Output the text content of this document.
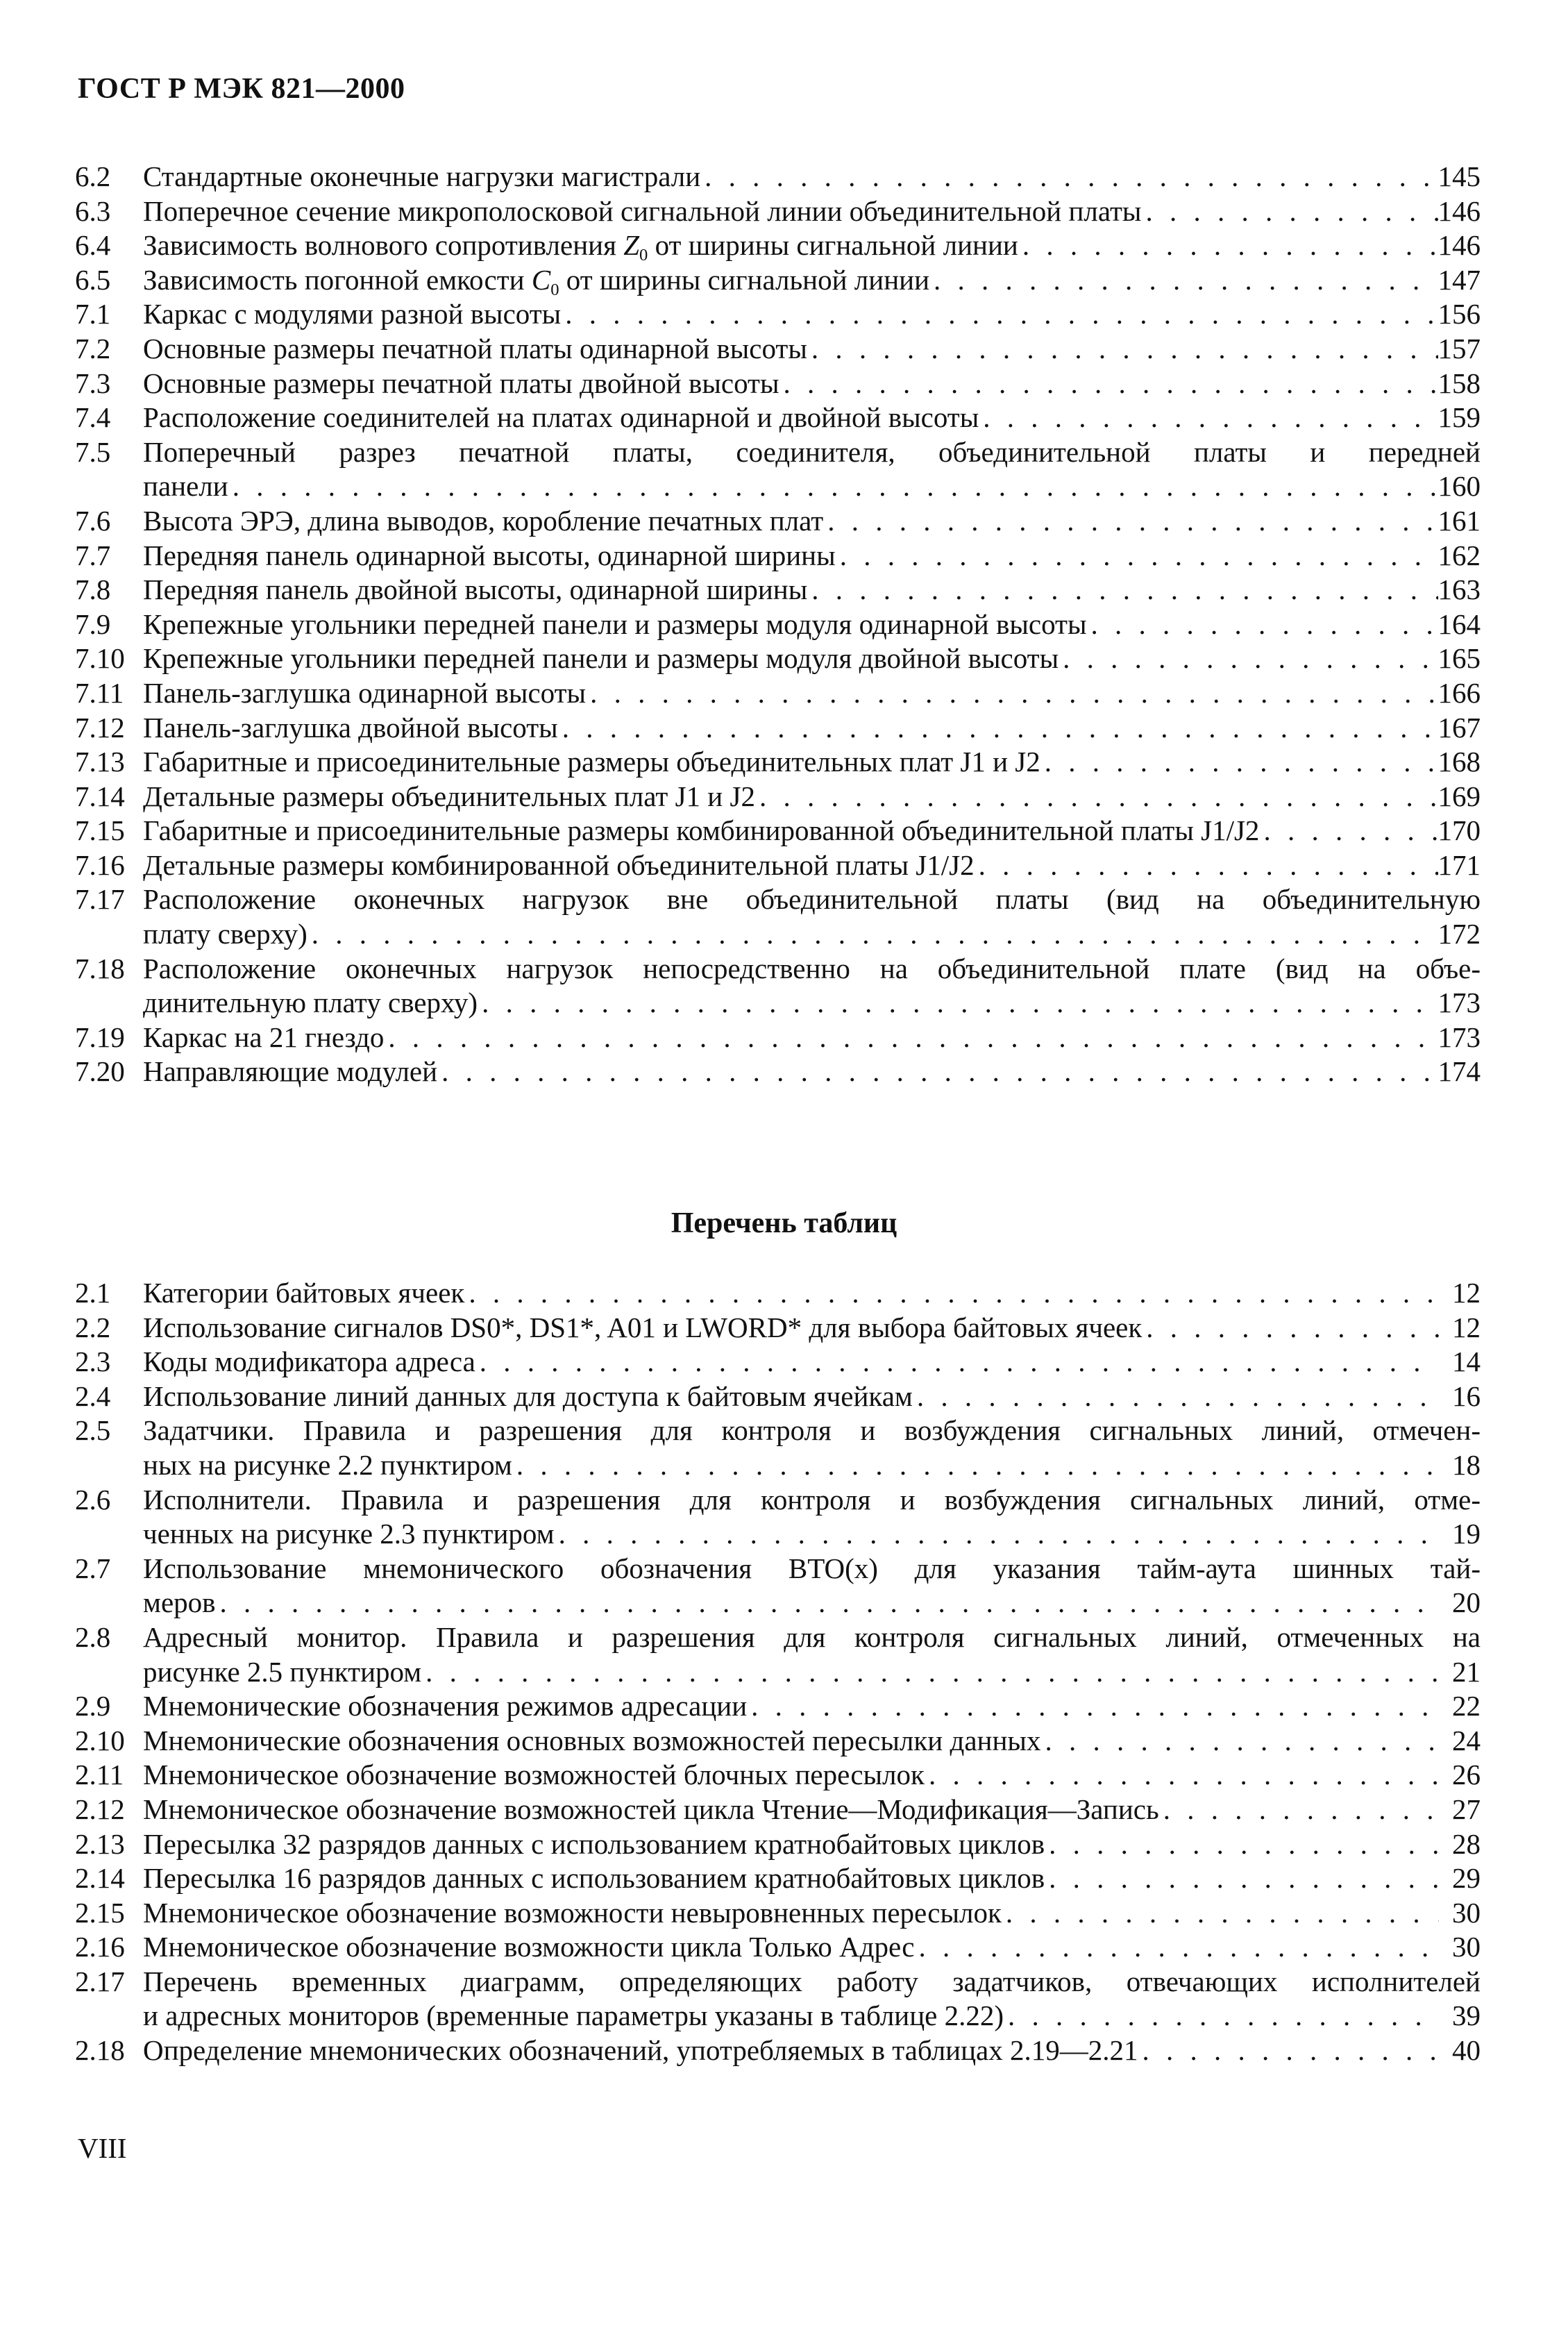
ГОСТ Р МЭК 821—2000
6.2	Стандартные оконечные нагрузки магистрали . . .	145
6.3	Поперечное сечение микрополосковой сигнальной линии объединительной платы . . .	146
6.4	Зависимость волнового сопротивления $Z_0$ от ширины сигнальной линии . . .	146
6.5	Зависимость погонной емкости $C_0$ от ширины сигнальной линии . . .	147
7.1	Каркас с модулями разной высоты . . .	156
7.2	Основные размеры печатной платы одинарной высоты . . .	157
7.3	Основные размеры печатной платы двойной высоты . . .	158
7.4	Расположение соединителей на платах одинарной и двойной высоты . . .	159
7.5	Поперечный разрез печатной платы, соединителя, объединительной платы и передней
панели . . .	160
7.6	Высота ЭРЭ, длина выводов, коробление печатных плат . . .	161
7.7	Передняя панель одинарной высоты, одинарной ширины . . .	162
7.8	Передняя панель двойной высоты, одинарной ширины . . .	163
7.9	Крепежные угольники передней панели и размеры модуля одинарной высоты . . .	164
7.10 Крепежные угольники передней панели и размеры модуля двойной высоты . . .	165
7.11 Панель-заглушка одинарной высоты . . .	166
7.12 Панель-заглушка двойной высоты . . .	167
7.13 Габаритные и присоединительные размеры объединительных плат J1 и J2 . . .	168
7.14 Детальные размеры объединительных плат J1 и J2 . . .	169
7.15 Габаритные и присоединительные размеры комбинированной объединительной платы J1/J2 . . .	170
7.16 Детальные размеры комбинированной объединительной платы J1/J2 . . .	171
7.17 Расположение оконечных нагрузок вне объединительной платы (вид на объединительную
плату сверху) . . .	172
7.18 Расположение оконечных нагрузок непосредственно на объединительной плате (вид на объе-
динительную плату сверху) . . .	173
7.19 Каркас на 21 гнездо . . .	173
7.20 Направляющие модулей . . .	174
Перечень таблиц
2.1	Категории байтовых ячеек . . .	12
2.2	Использование сигналов DS0*, DS1*, A01 и LWORD* для выбора байтовых ячеек . . .	12
2.3	Коды модификатора адреса . . .	14
2.4	Использование линий данных для доступа к байтовым ячейкам . . .	16
2.5	Задатчики. Правила и разрешения для контроля и возбуждения сигнальных линий, отмечен-
ных на рисунке 2.2 пунктиром . . .	18
2.6	Исполнители. Правила и разрешения для контроля и возбуждения сигнальных линий, отме-
ченных на рисунке 2.3 пунктиром . . .	19
2.7	Использование мнемонического обозначения BTO(x) для указания тайм-аута шинных тай-
меров . . .	20
2.8	Адресный монитор. Правила и разрешения для контроля сигнальных линий, отмеченных на
рисунке 2.5 пунктиром . . .	21
2.9	Мнемонические обозначения режимов адресации . . .	22
2.10 Мнемонические обозначения основных возможностей пересылки данных . . .	24
2.11 Мнемоническое обозначение возможностей блочных пересылок . . .	26
2.12 Мнемоническое обозначение возможностей цикла Чтение—Модификация—Запись . . .	27
2.13 Пересылка 32 разрядов данных с использованием кратнобайтовых циклов . . .	28
2.14 Пересылка 16 разрядов данных с использованием кратнобайтовых циклов . . .	29
2.15 Мнемоническое обозначение возможности невыровненных пересылок . . .	30
2.16 Мнемоническое обозначение возможности цикла Только Адрес . . .	30
2.17 Перечень временных диаграмм, определяющих работу задатчиков, отвечающих исполнителей
и адресных мониторов (временные параметры указаны в таблице 2.22) . . .	39
2.18 Определение мнемонических обозначений, употребляемых в таблицах 2.19—2.21 . . .	40
VIII
